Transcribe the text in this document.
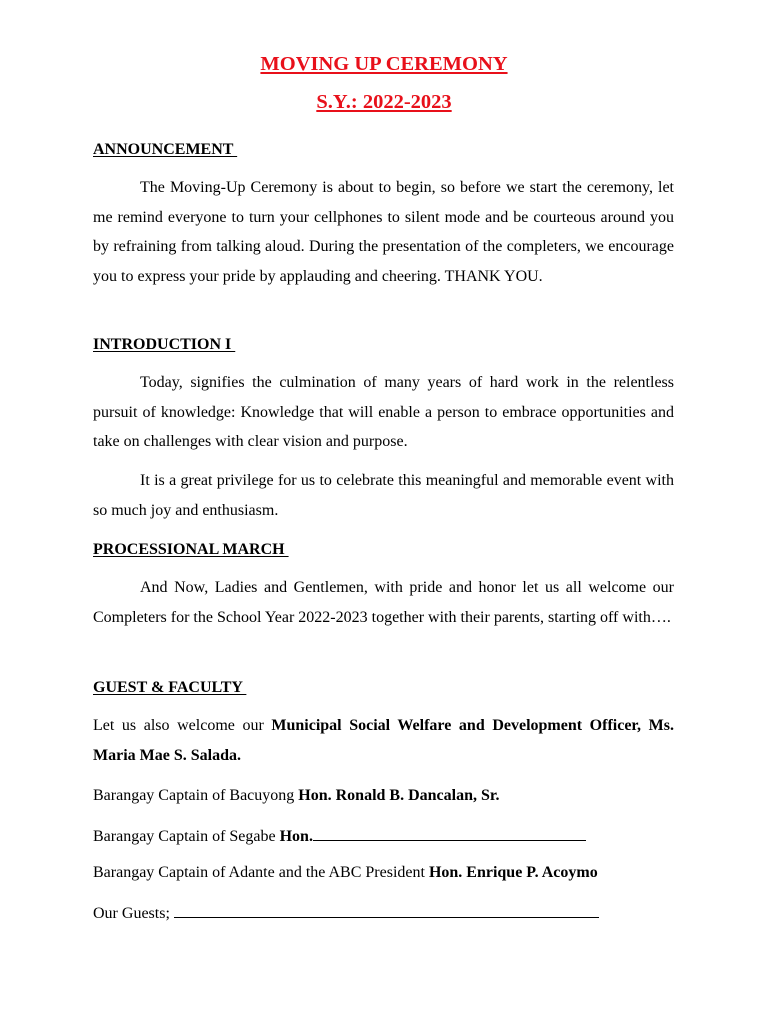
MOVING UP CEREMONY
S.Y.: 2022-2023
ANNOUNCEMENT

The Moving-Up Ceremony is about to begin, so before we start the ceremony, let me remind everyone to turn your cellphones to silent mode and be courteous around you by refraining from talking aloud. During the presentation of the completers, we encourage you to express your pride by applauding and cheering. THANK YOU.

INTRODUCTION I

Today, signifies the culmination of many years of hard work in the relentless pursuit of knowledge: Knowledge that will enable a person to embrace opportunities and take on challenges with clear vision and purpose.

It is a great privilege for us to celebrate this meaningful and memorable event with so much joy and enthusiasm.

PROCESSIONAL MARCH

And Now, Ladies and Gentlemen, with pride and honor let us all welcome our Completers for the School Year 2022-2023 together with their parents, starting off with….

GUEST & FACULTY

Let us also welcome our Municipal Social Welfare and Development Officer, Ms. Maria Mae S. Salada.

Barangay Captain of Bacuyong Hon. Ronald B. Dancalan, Sr.

Barangay Captain of Segabe Hon.

Barangay Captain of Adante and the ABC President Hon. Enrique P. Acoymo

Our Guests;
